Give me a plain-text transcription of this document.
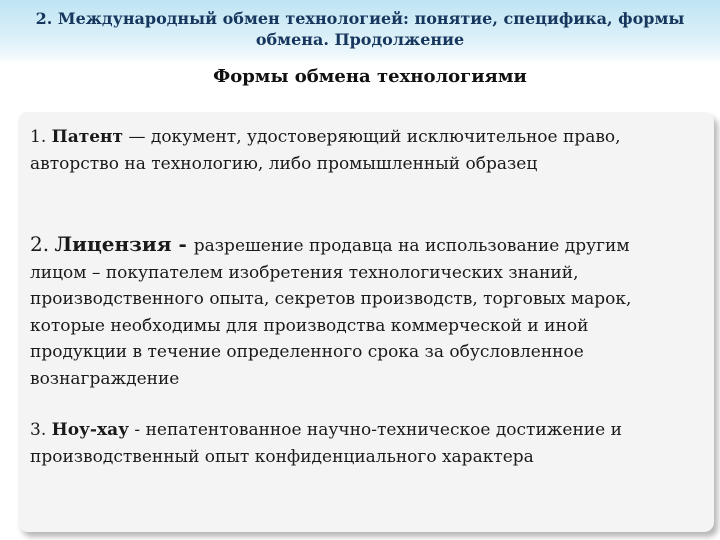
2. Международный обмен технологией: понятие, специфика, формы
обмена. Продолжение
Формы обмена технологиями

1. Патент — документ, удостоверяющий исключительное право, авторство на технологию, либо промышленный образец

2. Лицензия - разрешение продавца на использование другим лицом – покупателем изобретения технологических знаний, производственного опыта, секретов производств, торговых марок, которые необходимы для производства коммерческой и иной продукции в течение определенного срока за обусловленное вознаграждение

3. Ноу-хау - непатентованное научно-техническое достижение и производственный опыт конфиденциального характера
